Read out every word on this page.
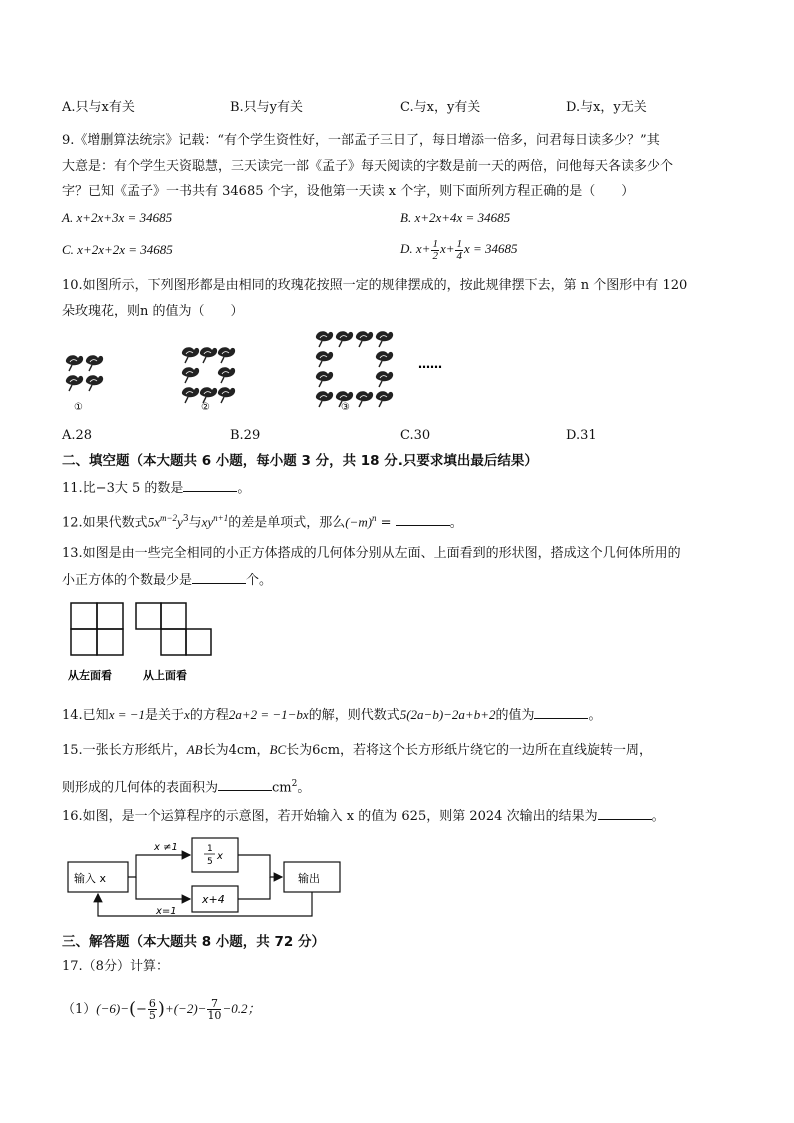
A.只与x有关	B.只与y有关	C.与x，y有关	D.与x，y无关
9.《增删算法统宗》记载：“有个学生资性好，一部孟子三日了，每日增添一倍多，问君每日读多少？”其
大意是：有个学生天资聪慧，三天读完一部《孟子》每天阅读的字数是前一天的两倍，问他每天各读多少个
字？已知《孟子》一书共有 34685 个字，设他第一天读 x 个字，则下面所列方程正确的是（　　）
A. x+2x+3x = 34685	B. x+2x+4x = 34685
C. x+2x+2x = 34685	D. $x+ \frac{1}{2} x+ \frac{1}{4}$ x = 34685
10.如图所示，下列图形都是由相同的玫瑰花按照一定的规律摆成的，按此规律摆下去，第 n 个图形中有 120
朵玫瑰花，则n 的值为（　　）
①	②	③
……
A.28	B.29	C.30	D.31
二、填空题（本大题共 6 小题，每小题 3 分，共 18 分.只要求填出最后结果）
11.比−3大 5 的数是	。
12.如果代数式$5x^{m-2}y^3$与$xy^{n+1}$的差是单项式，那么$(-m)^n$ =	。
13.如图是由一些完全相同的小正方体搭成的几何体分别从左面、上面看到的形状图，搭成这个几何体所用的
小正方体的个数最少是	个。
从左面看	从上面看
14.已知x = −1是关于x的方程2a+2 = −1−bx的解，则代数式5(2a−b)−2a+b+2的值为	。
15.一张长方形纸片，AB长为4cm，BC长为6cm，若将这个长方形纸片绕它的一边所在直线旋转一周，
则形成的几何体的表面积为	$cm^2$。
16.如图，是一个运算程序的示意图，若开始输入 x 的值为 625，则第 2024 次输出的结果为	。
输入 x
x ≠1
x=1
1
5 x
x+4
输出
三、解答题（本大题共 8 小题，共 72 分）
17.（8分）计算：
$(1)(-6)-(- \frac{6}{5} )+(-2)- \frac{7}{10} -0.2$；
